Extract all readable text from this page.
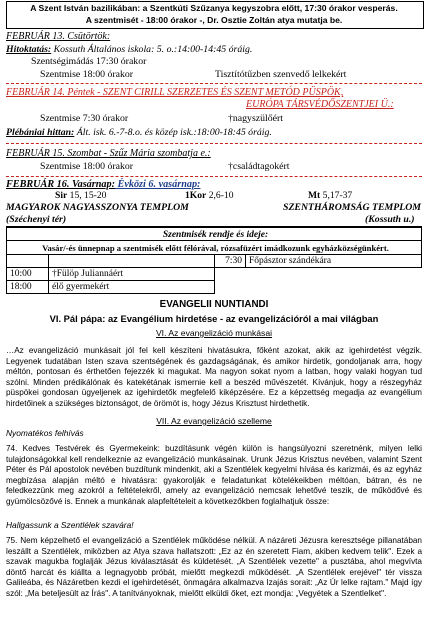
A Szent István bazilikában: a Szentkúti Szűzanya kegyszobra előtt, 17:30 órakor vesperás.
A szentmisét - 18:00 órakor -, Dr. Osztie Zoltán atya mutatja be.
FEBRUÁR 13. Csütörtök:
Hitoktatás: Kossuth Általános iskola: 5. o.:14:00-14:45 óráig.
Szentségimádás 17:30 órakor
Szentmise 18:00 órakor	Tisztítótűzben szenvedő lelkekért
FEBRUÁR 14. Péntek - SZENT CIRILL SZERZETES ÉS SZENT METÓD PÜSPÖK,
EURÓPA TÁRSVÉDŐSZENTJEI Ü.:
Szentmise 7:30 órakor	†nagyszülőért
Plébániai hittan: Ált. isk. 6.-7-8.o. és közép isk.:18:00-18:45 óráig.
FEBRUÁR 15. Szombat - Szűz Mária szombatja e.:
Szentmise 18:00 órakor	†családtagokért
FEBRUÁR 16. Vasárnap: Évközi 6. vasárnap:
Sir 15, 15-20	1Kor 2,6-10	Mt 5,17-37
MAGYAROK NAGYASSZONYA TEMPLOM	SZENTHÁROMSÁG TEMPLOM
(Széchenyi tér)	(Kossuth u.)
Szentmisék rendje és ideje:
Vasár/-és ünnepnap a szentmisék előtt félórával, rózsafüzért imádkozunk egyházközségünkért.
7:30 Főpásztor szándékára
10:00	†Fülöp Juliannáért
18:00	élő gyermekért
EVANGELII NUNTIANDI
VI. Pál pápa: az Evangélium hirdetése - az evangelizációról a mai világban
VI. Az evangelizáció munkásai
…Az evangelizáció munkásait jól fel kell készíteni hivatásukra, főként azokat, akik az igehirdetést végzik. Legyenek tudatában Isten szava szentségének és gazdagságának, és amikor hirdetik, gondoljanak arra, hogy méltón, pontosan és érthetően fejezzék ki magukat. Ma nagyon sokat nyom a latban, hogy valaki hogyan tud szólni. Minden prédikálónak és katekétának ismernie kell a beszéd művészetét. Kívánjuk, hogy a részegyház püspökei gondosan ügyeljenek az igehirdetők megfelelő kiképzésére. Ez a képzettség megadja az evangélium hirdetőinek a szükséges biztonságot, de örömöt is, hogy Jézus Krisztust hirdethetik.
VII. Az evangelizáció szelleme
Nyomatékos felhívás
74. Kedves Testvérek és Gyermekeink: buzdításunk végén külön is hangsúlyozni szeretnénk, milyen lelki tulajdonságokkal kell rendelkeznie az evangelizáció munkásainak. Urunk Jézus Krisztus nevében, valamint Szent Péter és Pál apostolok nevében buzdítunk mindenkit, aki a Szentlélek kegyelmi hívása és karizmái, és az egyház megbízása alapján méltó e hivatásra: gyakorolják e feladatunkat kötelékeikben méltóan, bátran, és ne feledkezzünk meg azokról a feltételekről, amely az evangelizáció nemcsak lehetővé teszik, de működővé és gyümölcsözővé is. Ennek a munkának alapfeltételeit a következőkben foglalhatjuk össze:
Hallgassunk a Szentlélek szavára!
75. Nem képzelhető el evangelizáció a Szentlélek működése nélkül. A názáreti Jézusra keresztsége pillanatában leszállt a Szentlélek, miközben az Atya szava hallatszott: „Ez az én szeretett Fiam, akiben kedvem telik". Ezek a szavak magukba foglalják Jézus kiválasztását és küldetését. „A Szentlélek vezette" a pusztába, ahol megvívta döntő harcát és kiállta a legnagyobb próbát, mielőtt megkezdi működését. „A Szentlélek erejével" tér vissza Galileába, és Názáretben kezdi el igehirdetését, önmagára alkalmazva Izajás sorait: „Az Úr lelke rajtam." Majd így szól: „Ma beteljesült az Írás". A tanítványoknak, mielőtt elküldi őket, ezt mondja: „Vegyétek a Szentlelket".
